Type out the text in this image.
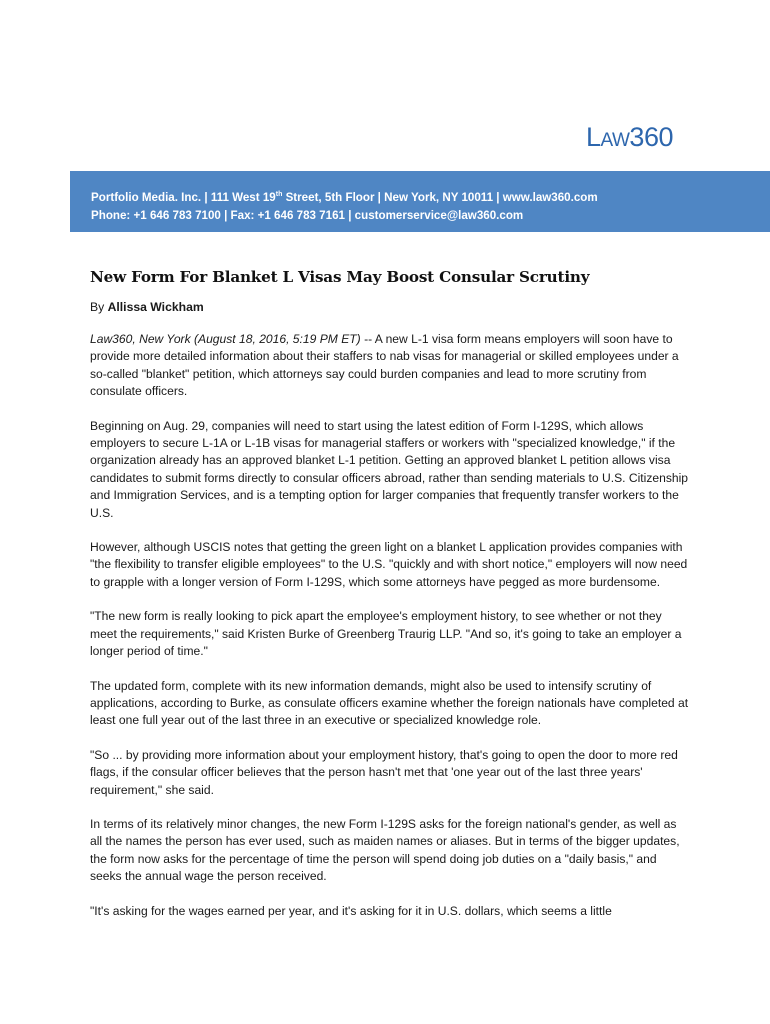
Law360
Portfolio Media. Inc. | 111 West 19th Street, 5th Floor | New York, NY 10011 | www.law360.com
Phone: +1 646 783 7100 | Fax: +1 646 783 7161 | customerservice@law360.com
New Form For Blanket L Visas May Boost Consular Scrutiny
By Allissa Wickham

Law360, New York (August 18, 2016, 5:19 PM ET) -- A new L-1 visa form means employers will soon have to provide more detailed information about their staffers to nab visas for managerial or skilled employees under a so-called "blanket" petition, which attorneys say could burden companies and lead to more scrutiny from consulate officers.

Beginning on Aug. 29, companies will need to start using the latest edition of Form I-129S, which allows employers to secure L-1A or L-1B visas for managerial staffers or workers with "specialized knowledge," if the organization already has an approved blanket L-1 petition. Getting an approved blanket L petition allows visa candidates to submit forms directly to consular officers abroad, rather than sending materials to U.S. Citizenship and Immigration Services, and is a tempting option for larger companies that frequently transfer workers to the U.S.

However, although USCIS notes that getting the green light on a blanket L application provides companies with "the flexibility to transfer eligible employees" to the U.S. "quickly and with short notice," employers will now need to grapple with a longer version of Form I-129S, which some attorneys have pegged as more burdensome.

"The new form is really looking to pick apart the employee's employment history, to see whether or not they meet the requirements," said Kristen Burke of Greenberg Traurig LLP. "And so, it's going to take an employer a longer period of time."

The updated form, complete with its new information demands, might also be used to intensify scrutiny of applications, according to Burke, as consulate officers examine whether the foreign nationals have completed at least one full year out of the last three in an executive or specialized knowledge role.

"So ... by providing more information about your employment history, that's going to open the door to more red flags, if the consular officer believes that the person hasn't met that 'one year out of the last three years' requirement," she said.

In terms of its relatively minor changes, the new Form I-129S asks for the foreign national's gender, as well as all the names the person has ever used, such as maiden names or aliases. But in terms of the bigger updates, the form now asks for the percentage of time the person will spend doing job duties on a "daily basis," and seeks the annual wage the person received.

"It's asking for the wages earned per year, and it's asking for it in U.S. dollars, which seems a little
